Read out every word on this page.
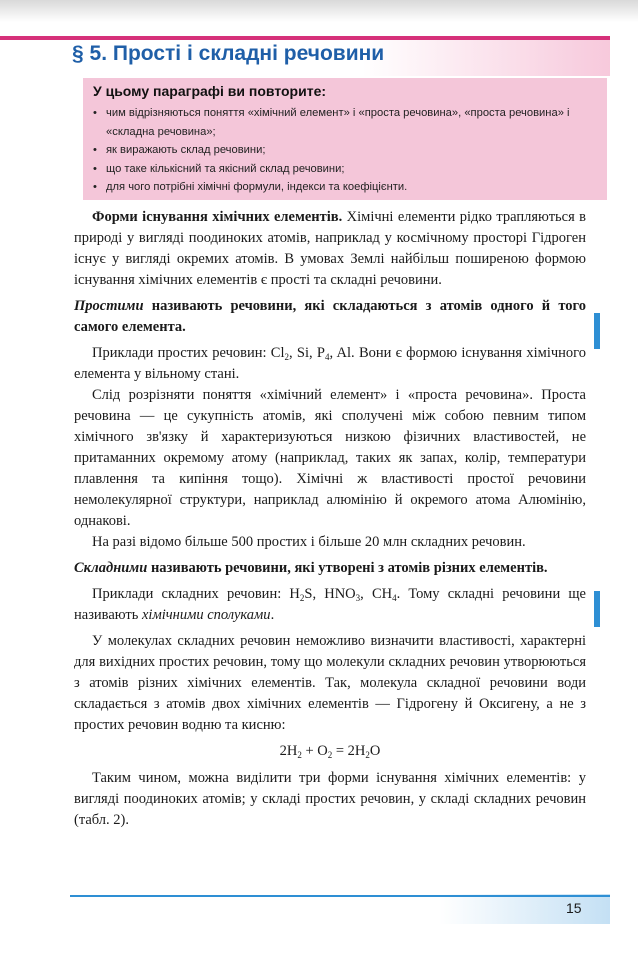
§ 5. Прості і складні речовини
У цьому параграфі ви повторите:
• чим відрізняються поняття «хімічний елемент» і «проста речовина», «проста речовина» і «складна речовина»;
• як виражають склад речовини;
• що таке кількісний та якісний склад речовини;
• для чого потрібні хімічні формули, індекси та коефіцієнти.

Форми існування хімічних елементів. Хімічні елементи рідко трапляються в природі у вигляді поодиноких атомів, наприклад у космічному просторі Гідроген існує у вигляді окремих атомів. В умовах Землі найбільш поширеною формою існування хімічних елементів є прості та складні речовини.

Простими називають речовини, які складаються з атомів одного й того самого елемента.

Приклади простих речовин: $Cl_2$, Si, $P_4$, Al. Вони є формою існування хімічного елемента у вільному стані.

Слід розрізняти поняття «хімічний елемент» і «проста речовина». Проста речовина — це сукупність атомів, які сполучені між собою певним типом хімічного зв'язку й характеризуються низкою фізичних властивостей, не притаманних окремому атому (наприклад, таких як запах, колір, температури плавлення та кипіння тощо). Хімічні ж властивості простої речовини немолекулярної структури, наприклад алюмінію й окремого атома Алюмінію, однакові.

На разі відомо більше 500 простих і більше 20 млн складних речовин.

Складними називають речовини, які утворені з атомів різних елементів.

Приклади складних речовин: $H_2S$, $HNO_3$, $CH_4$. Тому складні речовини ще називають хімічними сполуками.

У молекулах складних речовин неможливо визначити властивості, характерні для вихідних простих речовин, тому що молекули складних речовин утворюються з атомів різних хімічних елементів. Так, молекула складної речовини води складається з атомів двох хімічних елементів — Гідрогену й Оксигену, а не з простих речовин водню та кисню:

$2H_2 + O_2 = 2H_2O$

Таким чином, можна виділити три форми існування хімічних елементів: у вигляді поодиноких атомів; у складі простих речовин, у складі складних речовин (табл. 2).

15
